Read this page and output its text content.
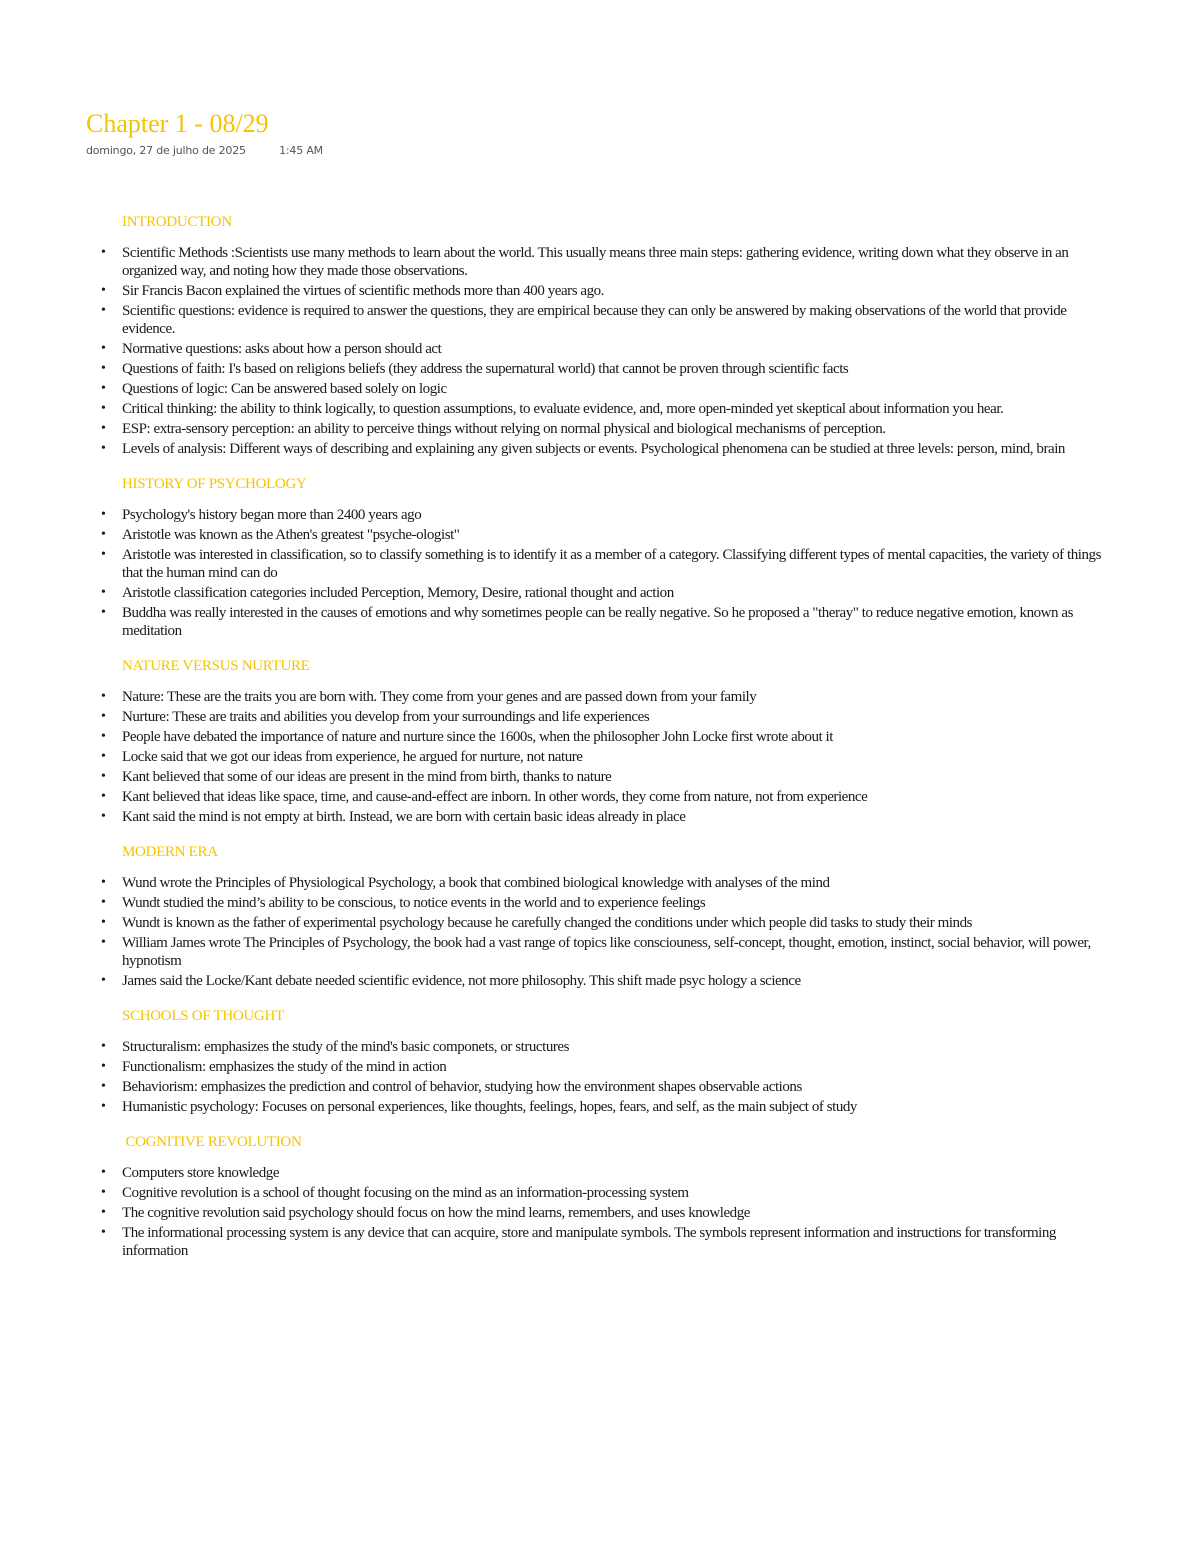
Chapter 1 - 08/29
domingo, 27 de julho de 2025	1:45 AM
INTRODUCTION
• Scientific Methods :Scientists use many methods to learn about the world. This usually means three main steps: gathering evidence, writing down what they observe in an organized way, and noting how they made those observations.
• Sir Francis Bacon explained the virtues of scientific methods more than 400 years ago.
• Scientific questions: evidence is required to answer the questions, they are empirical because they can only be answered by making observations of the world that provide evidence.
• Normative questions: asks about how a person should act
• Questions of faith: I's based on religions beliefs (they address the supernatural world) that cannot be proven through scientific facts
• Questions of logic: Can be answered based solely on logic
• Critical thinking: the ability to think logically, to question assumptions, to evaluate evidence, and, more open-minded yet skeptical about information you hear.
• ESP: extra-sensory perception: an ability to perceive things without relying on normal physical and biological mechanisms of perception.
• Levels of analysis: Different ways of describing and explaining any given subjects or events. Psychological phenomena can be studied at three levels: person, mind, brain
HISTORY OF PSYCHOLOGY
• Psychology's history began more than 2400 years ago
• Aristotle was known as the Athen's greatest "psyche-ologist"
• Aristotle was interested in classification, so to classify something is to identify it as a member of a category. Classifying different types of mental capacities, the variety of things that the human mind can do
• Aristotle classification categories included Perception, Memory, Desire, rational thought and action
• Buddha was really interested in the causes of emotions and why sometimes people can be really negative. So he proposed a "theray" to reduce negative emotion, known as meditation
NATURE VERSUS NURTURE
• Nature: These are the traits you are born with. They come from your genes and are passed down from your family
• Nurture: These are traits and abilities you develop from your surroundings and life experiences
• People have debated the importance of nature and nurture since the 1600s, when the philosopher John Locke first wrote about it
• Locke said that we got our ideas from experience, he argued for nurture, not nature
• Kant believed that some of our ideas are present in the mind from birth, thanks to nature
• Kant believed that ideas like space, time, and cause-and-effect are inborn. In other words, they come from nature, not from experience
• Kant said the mind is not empty at birth. Instead, we are born with certain basic ideas already in place
MODERN ERA
• Wund wrote the Principles of Physiological Psychology, a book that combined biological knowledge with analyses of the mind
• Wundt studied the mind’s ability to be conscious, to notice events in the world and to experience feelings
• Wundt is known as the father of experimental psychology because he carefully changed the conditions under which people did tasks to study their minds
• William James wrote The Principles of Psychology, the book had a vast range of topics like consciouness, self-concept, thought, emotion, instinct, social behavior, will power, hypnotism
• James said the Locke/Kant debate needed scientific evidence, not more philosophy. This shift made psyc hology a science
SCHOOLS OF THOUGHT
• Structuralism: emphasizes the study of the mind's basic componets, or structures
• Functionalism: emphasizes the study of the mind in action
• Behaviorism: emphasizes the prediction and control of behavior, studying how the environment shapes observable actions
• Humanistic psychology: Focuses on personal experiences, like thoughts, feelings, hopes, fears, and self, as the main subject of study
COGNITIVE REVOLUTION
• Computers store knowledge
• Cognitive revolution is a school of thought focusing on the mind as an information-processing system
• The cognitive revolution said psychology should focus on how the mind learns, remembers, and uses knowledge
• The informational processing system is any device that can acquire, store and manipulate symbols. The symbols represent information and instructions for transforming information
